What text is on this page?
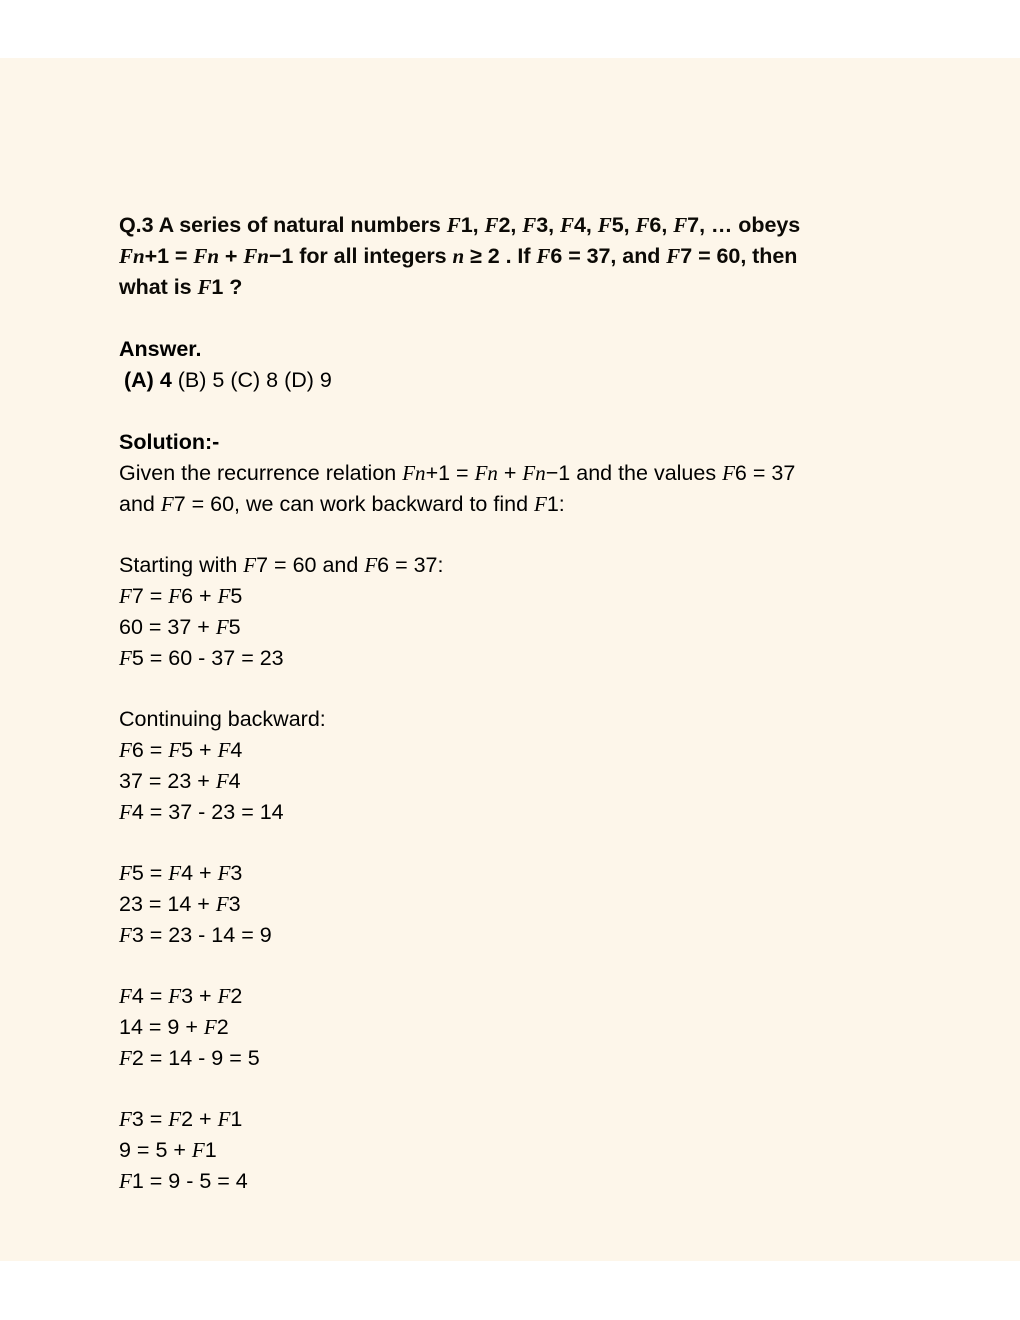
Q.3 A series of natural numbers F1, F2, F3, F4, F5, F6, F7, … obeys
Fn+1 = Fn + Fn−1 for all integers n ≥ 2 . If F6 = 37, and F7 = 60, then
what is F1 ?
Answer.
(A) 4 (B) 5 (C) 8 (D) 9
Solution:-
Given the recurrence relation Fn+1 = Fn + Fn−1 and the values F6 = 37
and F7 = 60, we can work backward to find F1:
Starting with F7 = 60 and F6 = 37:
F7 = F6 + F5
60 = 37 + F5
F5 = 60 - 37 = 23
Continuing backward:
F6 = F5 + F4
37 = 23 + F4
F4 = 37 - 23 = 14
F5 = F4 + F3
23 = 14 + F3
F3 = 23 - 14 = 9
F4 = F3 + F2
14 = 9 + F2
F2 = 14 - 9 = 5
F3 = F2 + F1
9 = 5 + F1
F1 = 9 - 5 = 4
